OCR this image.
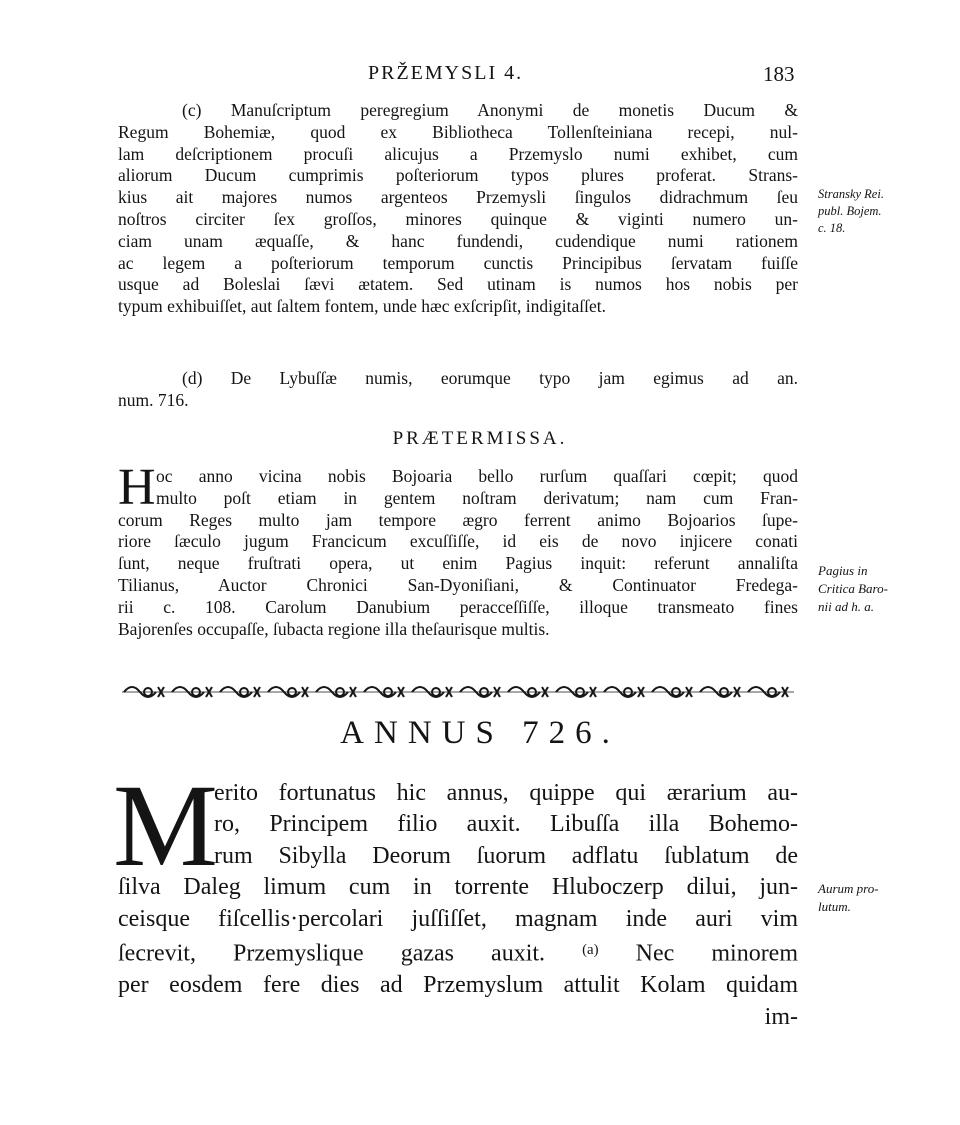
PRŽEMYSLI 4.	183
(c) Manuſcriptum peregregium Anonymi de monetis Ducum &
Regum Bohemiæ, quod ex Bibliotheca Tollenſteiniana recepi, nul-
lam deſcriptionem procuſi alicujus a Przemyslo numi exhibet, cum
aliorum Ducum cumprimis poſteriorum typos plures proferat. Strans-
kius ait majores numos argenteos Przemysli ſingulos didrachmum ſeu
noſtros circiter ſex groſſos, minores quinque & viginti numero un-
ciam unam æquaſſe, & hanc fundendi, cudendique numi rationem
ac legem a poſteriorum temporum cunctis Principibus ſervatam fuiſſe
usque ad Boleslai ſævi ætatem. Sed utinam is numos hos nobis per
typum exhibuiſſet, aut ſaltem fontem, unde hæc exſcripſit, indigitaſſet.
Stransky Rei.
publ. Bojem.
c. 18.
(d) De Lybuſſæ numis, eorumque typo jam egimus ad an.
num. 716.
PRÆTERMISSA.
H oc anno vicina nobis Bojoaria bello rurſum quaſſari cœpit; quod
multo poſt etiam in gentem noſtram derivatum; nam cum Fran-
corum Reges multo jam tempore ægro ferrent animo Bojoarios ſupe-
riore ſæculo jugum Francicum excuſſiſſe, id eis de novo injicere conati
ſunt, neque fruſtrati opera, ut enim Pagius inquit: referunt annaliſta
Tilianus, Auctor Chronici San-Dyoniſiani, & Continuator Fredega-
rii c. 108. Carolum Danubium peracceſſiſſe, illoque transmeato fines
Bajorenſes occupaſſe, ſubacta regione illa theſaurisque multis.
Pagius in
Critica Baro-
nii ad h. a.
ANNUS 726.
M
erito fortunatus hic annus, quippe qui ærarium au-
ro, Principem filio auxit. Libuſſa illa Bohemo-
rum Sibylla Deorum ſuorum adflatu ſublatum de
ſilva Daleg limum cum in torrente Hluboczerp dilui, jun-
ceisque fiſcellis·percolari juſſiſſet, magnam inde auri vim
ſecrevit, Przemyslique gazas auxit. $^{(a)}$ Nec minorem
per eosdem fere dies ad Przemyslum attulit Kolam quidam
im-
Aurum pro-
lutum.
